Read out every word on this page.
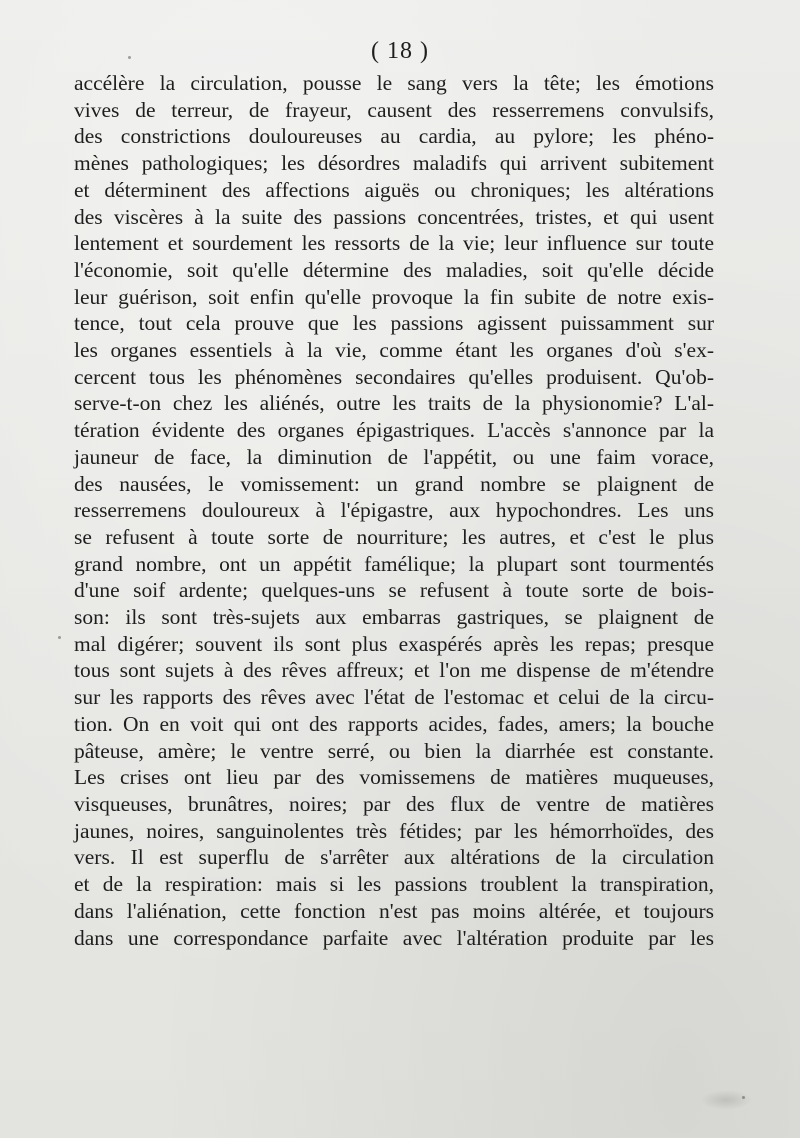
( 18 )
accélère la circulation, pousse le sang vers la tête; les émotions
vives de terreur, de frayeur, causent des resserremens convulsifs,
des constrictions douloureuses au cardia, au pylore; les phéno-
mènes pathologiques; les désordres maladifs qui arrivent subitement
et déterminent des affections aiguës ou chroniques; les altérations
des viscères à la suite des passions concentrées, tristes, et qui usent
lentement et sourdement les ressorts de la vie; leur influence sur toute
l'économie, soit qu'elle détermine des maladies, soit qu'elle décide
leur guérison, soit enfin qu'elle provoque la fin subite de notre exis-
tence, tout cela prouve que les passions agissent puissamment sur
les organes essentiels à la vie, comme étant les organes d'où s'ex-
cercent tous les phénomènes secondaires qu'elles produisent. Qu'ob-
serve-t-on chez les aliénés, outre les traits de la physionomie? L'al-
tération évidente des organes épigastriques. L'accès s'annonce par la
jauneur de face, la diminution de l'appétit, ou une faim vorace,
des nausées, le vomissement: un grand nombre se plaignent de
resserremens douloureux à l'épigastre, aux hypochondres. Les uns
se refusent à toute sorte de nourriture; les autres, et c'est le plus
grand nombre, ont un appétit famélique; la plupart sont tourmentés
d'une soif ardente; quelques-uns se refusent à toute sorte de bois-
son: ils sont très-sujets aux embarras gastriques, se plaignent de
mal digérer; souvent ils sont plus exaspérés après les repas; presque
tous sont sujets à des rêves affreux; et l'on me dispense de m'étendre
sur les rapports des rêves avec l'état de l'estomac et celui de la circu-
tion. On en voit qui ont des rapports acides, fades, amers; la bouche
pâteuse, amère; le ventre serré, ou bien la diarrhée est constante.
Les crises ont lieu par des vomissemens de matières muqueuses,
visqueuses, brunâtres, noires; par des flux de ventre de matières
jaunes, noires, sanguinolentes très fétides; par les hémorrhoïdes, des
vers. Il est superflu de s'arrêter aux altérations de la circulation
et de la respiration: mais si les passions troublent la transpiration,
dans l'aliénation, cette fonction n'est pas moins altérée, et toujours
dans une correspondance parfaite avec l'altération produite par les
